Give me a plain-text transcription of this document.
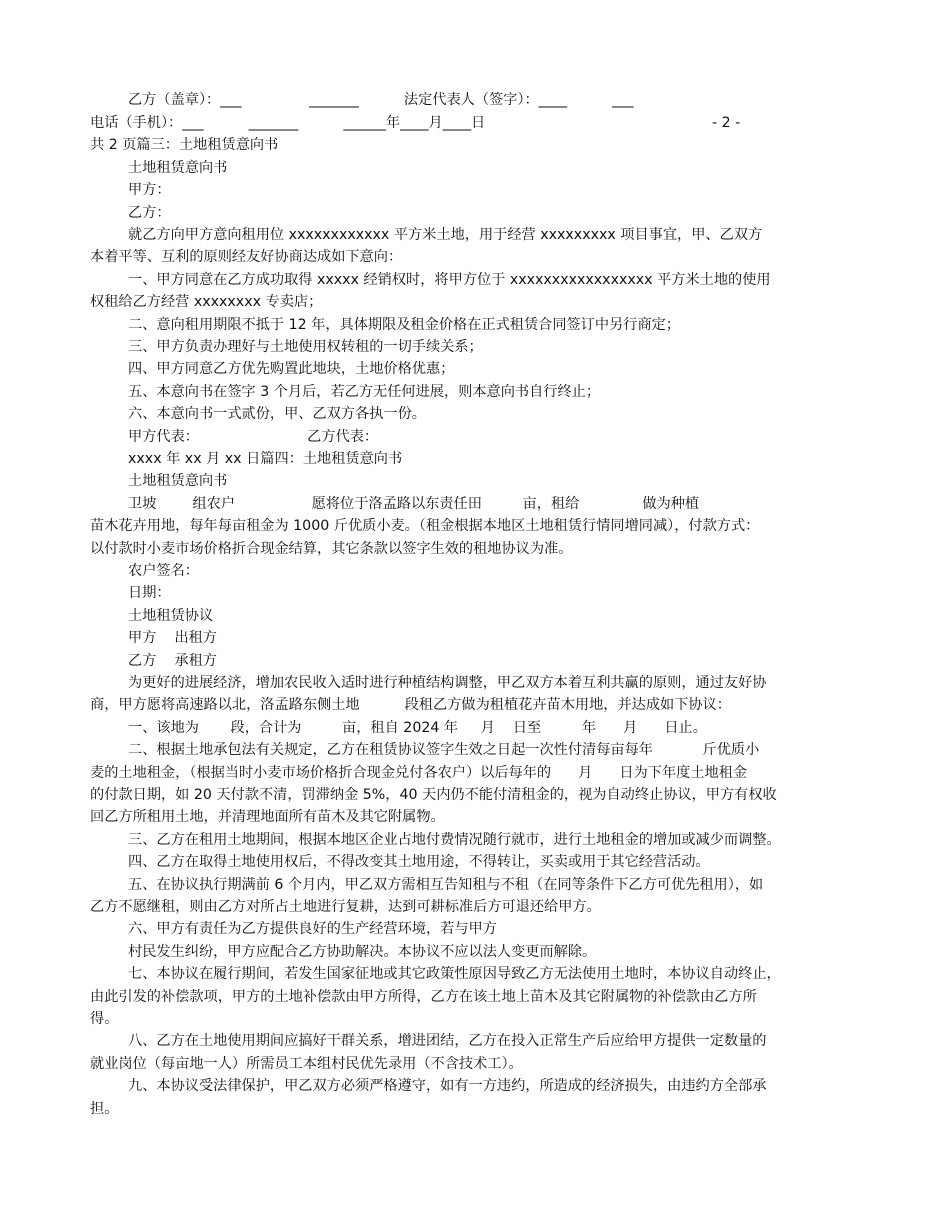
- 2 -
乙方（盖章）：___               _______          法定代表人（签字）：____          ___
电话（手机）：___          _______          ______年____月____日
共 2 页篇三：土地租赁意向书
土地租赁意向书
甲方：
乙方：
就乙方向甲方意向租用位 xxxxxxxxxxxx 平方米土地，用于经营 xxxxxxxxx 项目事宜，甲、乙双方
本着平等、互利的原则经友好协商达成如下意向：
一、甲方同意在乙方成功取得 xxxxx 经销权时，将甲方位于 xxxxxxxxxxxxxxxxx 平方米土地的使用
权租给乙方经营 xxxxxxxx 专卖店；
二、意向租用期限不抵于 12 年，具体期限及租金价格在正式租赁合同签订中另行商定；
三、甲方负责办理好与土地使用权转租的一切手续关系；
四、甲方同意乙方优先购置此地块，土地价格优惠；
五、本意向书在签字 3 个月后，若乙方无任何进展，则本意向书自行终止；
六、本意向书一式贰份，甲、乙双方各执一份。
甲方代表：                        乙方代表：
xxxx 年 xx 月 xx 日篇四：土地租赁意向书
土地租赁意向书
卫坡        组农户                 愿将位于洛孟路以东责任田         亩，租给              做为种植
苗木花卉用地，每年每亩租金为 1000 斤优质小麦。（租金根据本地区土地租赁行情同增同减），付款方式：
以付款时小麦市场价格折合现金结算，其它条款以签字生效的租地协议为准。
农户签名：
日期：
土地租赁协议
甲方    出租方
乙方    承租方
为更好的进展经济，增加农民收入适时进行种植结构调整，甲乙双方本着互利共赢的原则，通过友好协
商，甲方愿将高速路以北，洛孟路东侧土地          段租乙方做为租植花卉苗木用地，并达成如下协议：
一、该地为       段，合计为         亩，租自 2024 年     月    日至         年      月      日止。
二、根据土地承包法有关规定，乙方在租赁协议签字生效之日起一次性付清每亩每年           斤优质小
麦的土地租金，（根据当时小麦市场价格折合现金兑付各农户）以后每年的      月      日为下年度土地租金
的付款日期，如 20 天付款不清，罚滞纳金 5%，40 天内仍不能付清租金的，视为自动终止协议，甲方有权收
回乙方所租用土地，并清理地面所有苗木及其它附属物。
三、乙方在租用土地期间，根据本地区企业占地付费情况随行就市，进行土地租金的增加或减少而调整。
四、乙方在取得土地使用权后，不得改变其土地用途，不得转让，买卖或用于其它经营活动。
五、在协议执行期满前 6 个月内，甲乙双方需相互告知租与不租（在同等条件下乙方可优先租用），如
乙方不愿继租，则由乙方对所占土地进行复耕，达到可耕标准后方可退还给甲方。
六、甲方有责任为乙方提供良好的生产经营环境，若与甲方
村民发生纠纷，甲方应配合乙方协助解决。本协议不应以法人变更而解除。
七、本协议在履行期间，若发生国家征地或其它政策性原因导致乙方无法使用土地时，本协议自动终止，
由此引发的补偿款项，甲方的土地补偿款由甲方所得，乙方在该土地上苗木及其它附属物的补偿款由乙方所
得。
八、乙方在土地使用期间应搞好干群关系，增进团结，乙方在投入正常生产后应给甲方提供一定数量的
就业岗位（每亩地一人）所需员工本组村民优先录用（不含技术工）。
九、本协议受法律保护，甲乙双方必须严格遵守，如有一方违约，所造成的经济损失，由违约方全部承
担。
